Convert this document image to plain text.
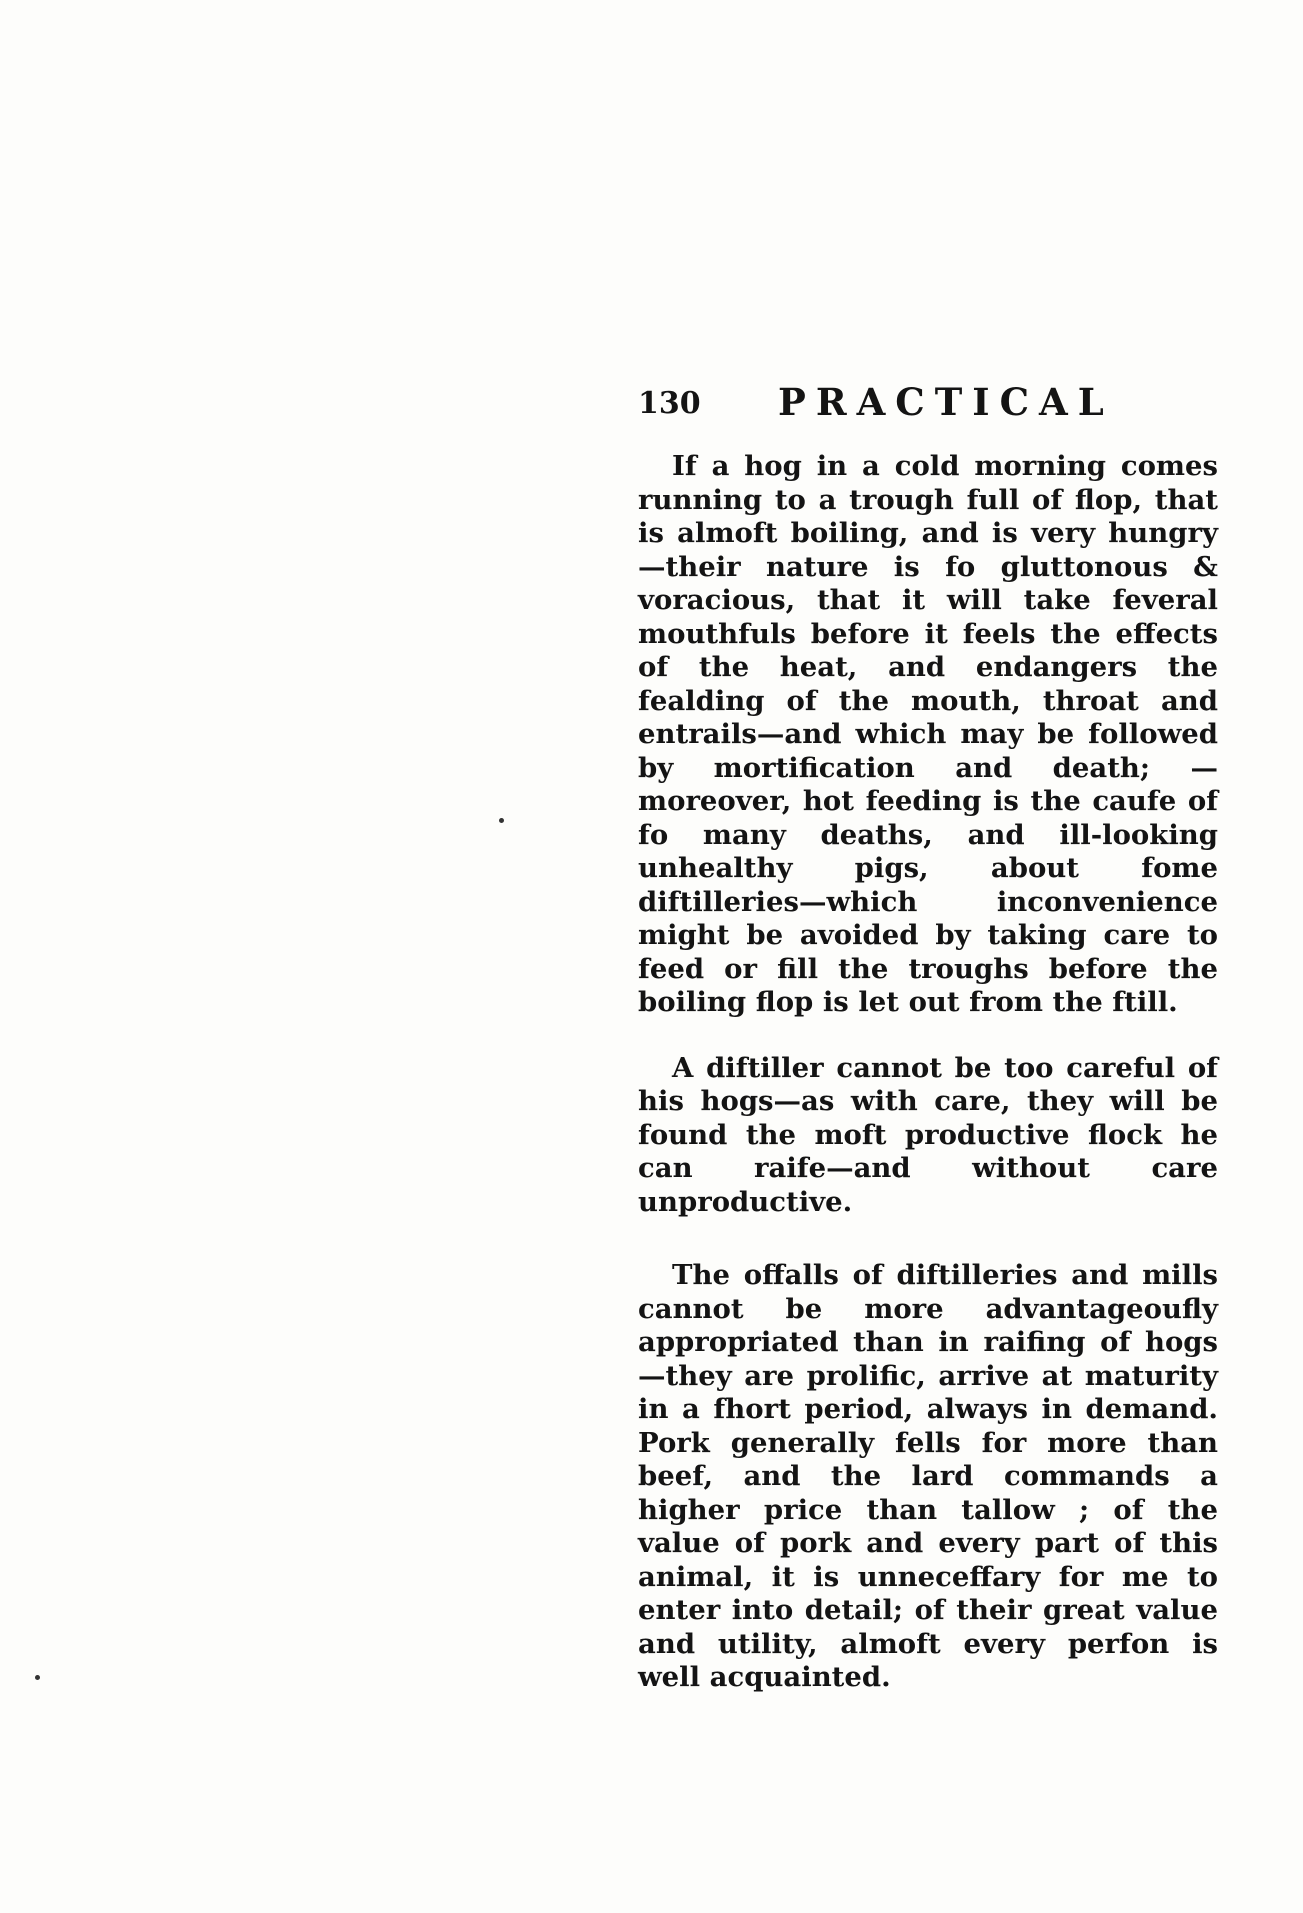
130 PRACTICAL

If a hog in a cold morning comes running to a trough full of flop, that is almoft boiling, and is very hungry—their nature is fo gluttonous & voracious, that it will take feveral mouthfuls before it feels the effects of the heat, and endangers the fealding of the mouth, throat and entrails—and which may be followed by mortification and death; —moreover, hot feeding is the caufe of fo many deaths, and ill-looking unhealthy pigs, about fome diftilleries—which inconvenience might be avoided by taking care to feed or fill the troughs before the boiling flop is let out from the ftill.

A diftiller cannot be too careful of his hogs—as with care, they will be found the moft productive flock he can raife—and without care unproductive.

The offalls of diftilleries and mills cannot be more advantageoufly appropriated than in raifing of hogs—they are prolific, arrive at maturity in a fhort period, always in demand. Pork generally fells for more than beef, and the lard commands a higher price than tallow ; of the value of pork and every part of this animal, it is unneceffary for me to enter into detail; of their great value and utility, almoft every perfon is well acquainted.
